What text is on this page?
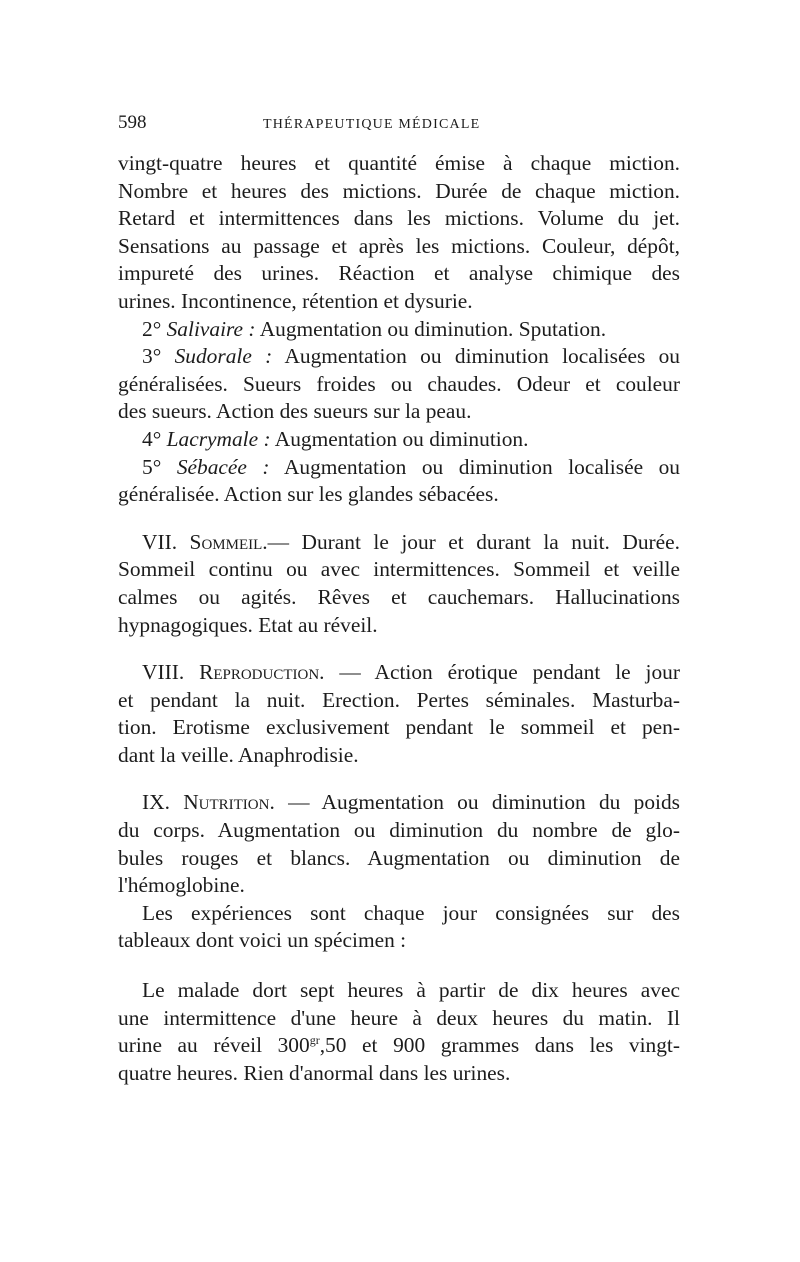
598	THÉRAPEUTIQUE MÉDICALE
vingt-quatre heures et quantité émise à chaque miction.
Nombre et heures des mictions. Durée de chaque miction.
Retard et intermittences dans les mictions. Volume du jet.
Sensations au passage et après les mictions. Couleur, dépôt,
impureté des urines. Réaction et analyse chimique des
urines. Incontinence, rétention et dysurie.
2° Salivaire : Augmentation ou diminution. Sputation.
3° Sudorale : Augmentation ou diminution localisées ou
généralisées. Sueurs froides ou chaudes. Odeur et couleur
des sueurs. Action des sueurs sur la peau.
4° Lacrymale : Augmentation ou diminution.
5° Sébacée : Augmentation ou diminution localisée ou
généralisée. Action sur les glandes sébacées.
VII. Sommeil.— Durant le jour et durant la nuit. Durée.
Sommeil continu ou avec intermittences. Sommeil et veille
calmes ou agités. Rêves et cauchemars. Hallucinations
hypnagogiques. Etat au réveil.
VIII. Reproduction. — Action érotique pendant le jour
et pendant la nuit. Erection. Pertes séminales. Masturba-
tion. Erotisme exclusivement pendant le sommeil et pen-
dant la veille. Anaphrodisie.
IX. Nutrition. — Augmentation ou diminution du poids
du corps. Augmentation ou diminution du nombre de glo-
bules rouges et blancs. Augmentation ou diminution de
l'hémoglobine.
Les expériences sont chaque jour consignées sur des
tableaux dont voici un spécimen :
Le malade dort sept heures à partir de dix heures avec
une intermittence d'une heure à deux heures du matin. Il
urine au réveil $300^{gr},50$ et 900 grammes dans les vingt-
quatre heures. Rien d'anormal dans les urines.
